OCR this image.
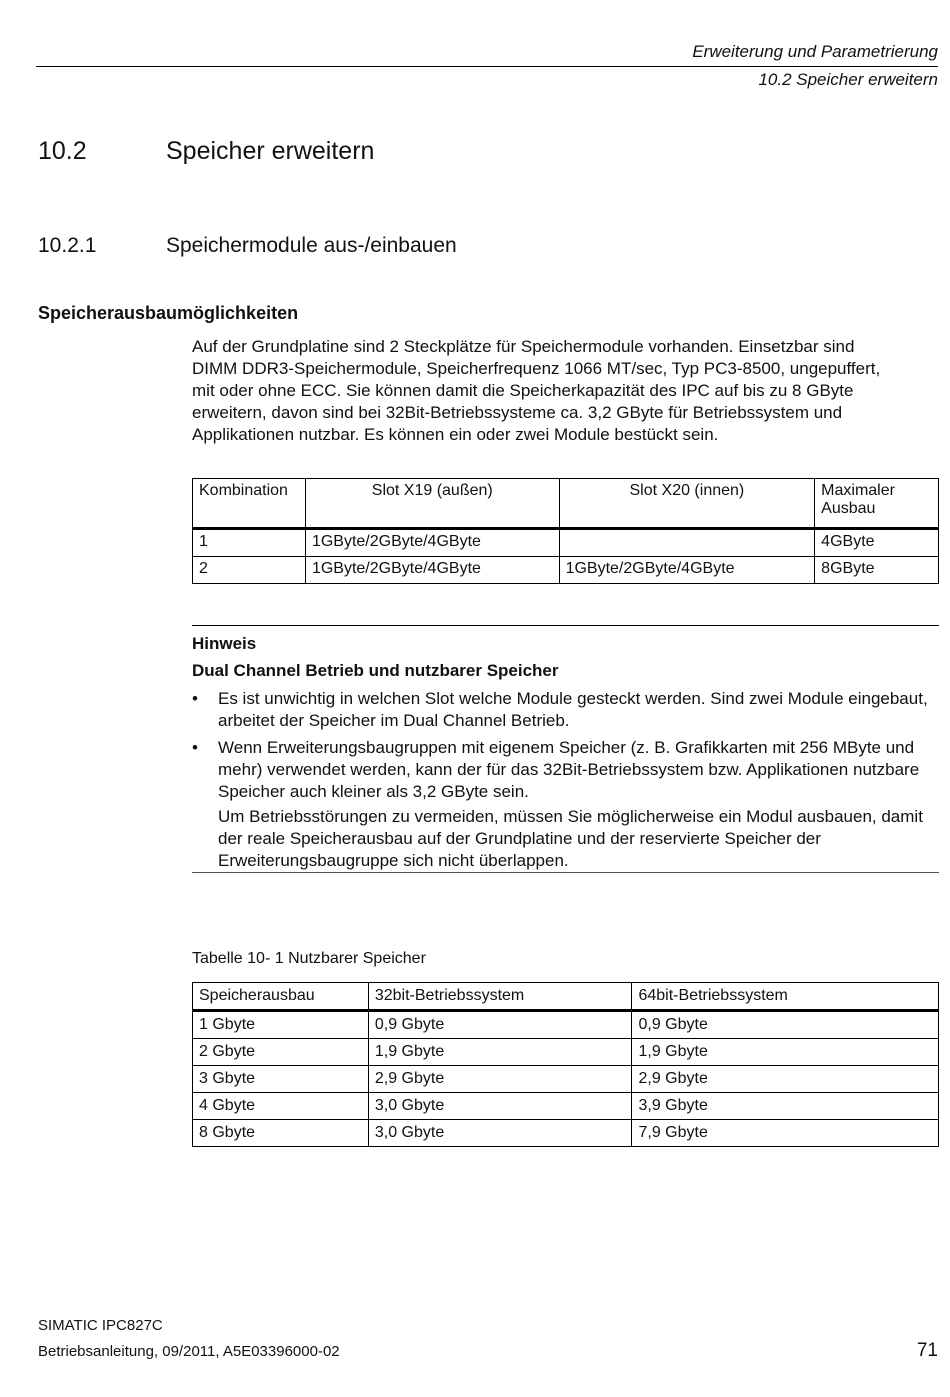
Erweiterung und Parametrierung
10.2 Speicher erweitern
10.2	Speicher erweitern
10.2.1	Speichermodule aus-/einbauen
Speicherausbaumöglichkeiten
Auf der Grundplatine sind 2 Steckplätze für Speichermodule vorhanden. Einsetzbar sind
DIMM DDR3-Speichermodule, Speicherfrequenz 1066 MT/sec, Typ PC3-8500, ungepuffert,
mit oder ohne ECC. Sie können damit die Speicherkapazität des IPC auf bis zu 8 GByte
erweitern, davon sind bei 32Bit-Betriebssysteme ca. 3,2 GByte für Betriebssystem und
Applikationen nutzbar. Es können ein oder zwei Module bestückt sein.
Kombination	Slot X19 (außen)	Slot X20 (innen)	Maximaler Ausbau
1	1GByte/2GByte/4GByte		4GByte
2	1GByte/2GByte/4GByte	1GByte/2GByte/4GByte	8GByte
Hinweis
Dual Channel Betrieb und nutzbarer Speicher
•	Es ist unwichtig in welchen Slot welche Module gesteckt werden. Sind zwei Module eingebaut, arbeitet der Speicher im Dual Channel Betrieb.
•	Wenn Erweiterungsbaugruppen mit eigenem Speicher (z. B. Grafikkarten mit 256 MByte und mehr) verwendet werden, kann der für das 32Bit-Betriebssystem bzw. Applikationen nutzbare Speicher auch kleiner als 3,2 GByte sein.
Um Betriebsstörungen zu vermeiden, müssen Sie möglicherweise ein Modul ausbauen, damit der reale Speicherausbau auf der Grundplatine und der reservierte Speicher der Erweiterungsbaugruppe sich nicht überlappen.
Tabelle 10- 1 Nutzbarer Speicher
Speicherausbau	32bit-Betriebssystem	64bit-Betriebssystem
1 Gbyte	0,9 Gbyte	0,9 Gbyte
2 Gbyte	1,9 Gbyte	1,9 Gbyte
3 Gbyte	2,9 Gbyte	2,9 Gbyte
4 Gbyte	3,0 Gbyte	3,9 Gbyte
8 Gbyte	3,0 Gbyte	7,9 Gbyte
SIMATIC IPC827C
Betriebsanleitung, 09/2011, A5E03396000-02	71
